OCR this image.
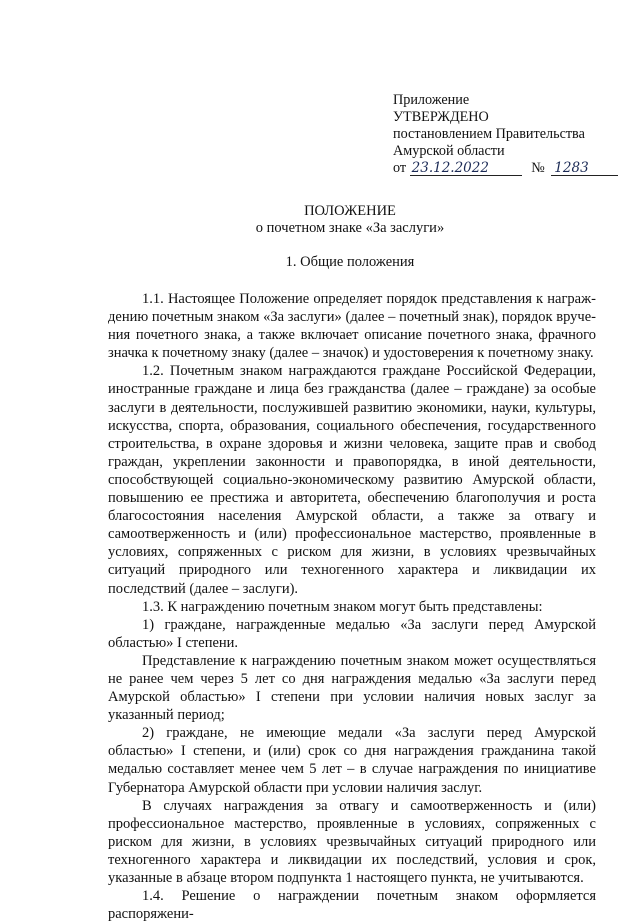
Приложение
УТВЕРЖДЕНО
постановлением Правительства
Амурской области
от 23.12.2022	№ 1283
ПОЛОЖЕНИЕ
о почетном знаке «За заслуги»
1. Общие положения

1.1. Настоящее Положение определяет порядок представления к награждению почетным знаком «За заслуги» (далее – почетный знак), порядок вручения почетного знака, а также включает описание почетного знака, фрачного значка к почетному знаку (далее – значок) и удостоверения к почетному знаку.

1.2. Почетным знаком награждаются граждане Российской Федерации, иностранные граждане и лица без гражданства (далее – граждане) за особые заслуги в деятельности, послужившей развитию экономики, науки, культуры, искусства, спорта, образования, социального обеспечения, государственного строительства, в охране здоровья и жизни человека, защите прав и свобод граждан, укреплении законности и правопорядка, в иной деятельности, способствующей социально-экономическому развитию Амурской области, повышению ее престижа и авторитета, обеспечению благополучия и роста благосостояния населения Амурской области, а также за отвагу и самоотверженность и (или) профессиональное мастерство, проявленные в условиях, сопряженных с риском для жизни, в условиях чрезвычайных ситуаций природного или техногенного характера и ликвидации их последствий (далее – заслуги).

1.3. К награждению почетным знаком могут быть представлены:

1) граждане, награжденные медалью «За заслуги перед Амурской областью» I степени.

Представление к награждению почетным знаком может осуществляться не ранее чем через 5 лет со дня награждения медалью «За заслуги перед Амурской областью» I степени при условии наличия новых заслуг за указанный период;

2) граждане, не имеющие медали «За заслуги перед Амурской областью» I степени, и (или) срок со дня награждения гражданина такой медалью составляет менее чем 5 лет – в случае награждения по инициативе Губернатора Амурской области при условии наличия заслуг.

В случаях награждения за отвагу и самоотверженность и (или) профессиональное мастерство, проявленные в условиях, сопряженных с риском для жизни, в условиях чрезвычайных ситуаций природного или техногенного характера и ликвидации их последствий, условия и срок, указанные в абзаце втором подпункта 1 настоящего пункта, не учитываются.

1.4. Решение о награждении почетным знаком оформляется распоряжени-
